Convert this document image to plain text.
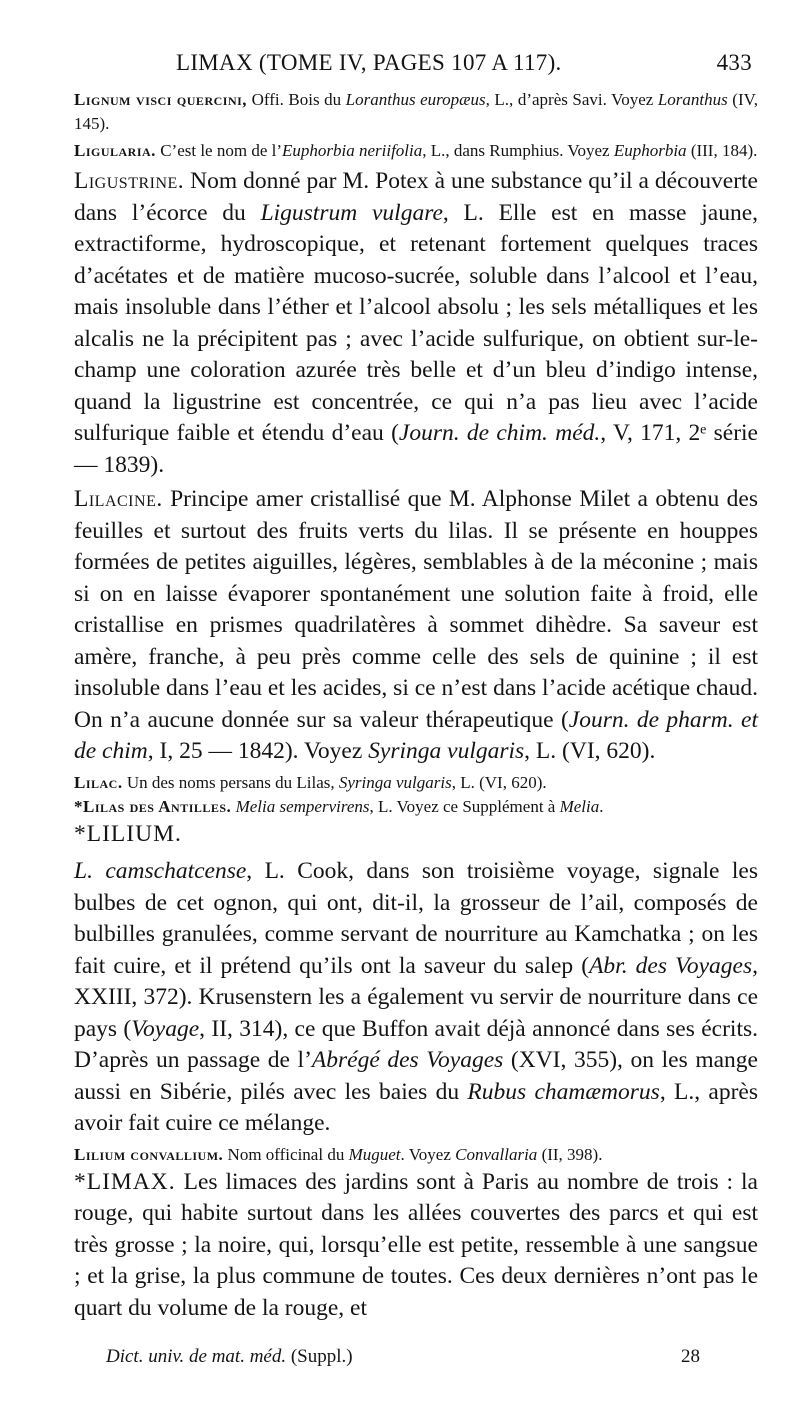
LIMAX (TOME IV, PAGES 107 A 117).	433

Lignum visci quercini, Offi. Bois du Loranthus europæus, L., d’après Savi. Voyez Loranthus (IV, 145).

Ligularia. C’est le nom de l’Euphorbia neriifolia, L., dans Rumphius. Voyez Euphorbia (III, 184).

Ligustrine. Nom donné par M. Potex à une substance qu’il a découverte dans l’écorce du Ligustrum vulgare, L. Elle est en masse jaune, extractiforme, hydroscopique, et retenant fortement quelques traces d’acétates et de matière mucoso-sucrée, soluble dans l’alcool et l’eau, mais insoluble dans l’éther et l’alcool absolu ; les sels métalliques et les alcalis ne la précipitent pas ; avec l’acide sulfurique, on obtient sur-le-champ une coloration azurée très belle et d’un bleu d’indigo intense, quand la ligustrine est concentrée, ce qui n’a pas lieu avec l’acide sulfurique faible et étendu d’eau (Journ. de chim. méd., V, 171, 2ᵉ série — 1839).

Lilacine. Principe amer cristallisé que M. Alphonse Milet a obtenu des feuilles et surtout des fruits verts du lilas. Il se présente en houppes formées de petites aiguilles, légères, semblables à de la méconine ; mais si on en laisse évaporer spontanément une solution faite à froid, elle cristallise en prismes quadrilatères à sommet dihèdre. Sa saveur est amère, franche, à peu près comme celle des sels de quinine ; il est insoluble dans l’eau et les acides, si ce n’est dans l’acide acétique chaud. On n’a aucune donnée sur sa valeur thérapeutique (Journ. de pharm. et de chim, I, 25 — 1842). Voyez Syringa vulgaris, L. (VI, 620).

Lilac. Un des noms persans du Lilas, Syringa vulgaris, L. (VI, 620).

*Lilas des Antilles. Melia sempervirens, L. Voyez ce Supplément à Melia.

*LILIUM.

L. camschatcense, L. Cook, dans son troisième voyage, signale les bulbes de cet ognon, qui ont, dit-il, la grosseur de l’ail, composés de bulbilles granulées, comme servant de nourriture au Kamchatka ; on les fait cuire, et il prétend qu’ils ont la saveur du salep (Abr. des Voyages, XXIII, 372). Krusenstern les a également vu servir de nourriture dans ce pays (Voyage, II, 314), ce que Buffon avait déjà annoncé dans ses écrits. D’après un passage de l’Abrégé des Voyages (XVI, 355), on les mange aussi en Sibérie, pilés avec les baies du Rubus chamæmorus, L., après avoir fait cuire ce mélange.

Lilium convallium. Nom officinal du Muguet. Voyez Convallaria (II, 398).

*LIMAX. Les limaces des jardins sont à Paris au nombre de trois : la rouge, qui habite surtout dans les allées couvertes des parcs et qui est très grosse ; la noire, qui, lorsqu’elle est petite, ressemble à une sangsue ; et la grise, la plus commune de toutes. Ces deux dernières n’ont pas le quart du volume de la rouge, et

Dict. univ. de mat. méd. (Suppl.)	28
